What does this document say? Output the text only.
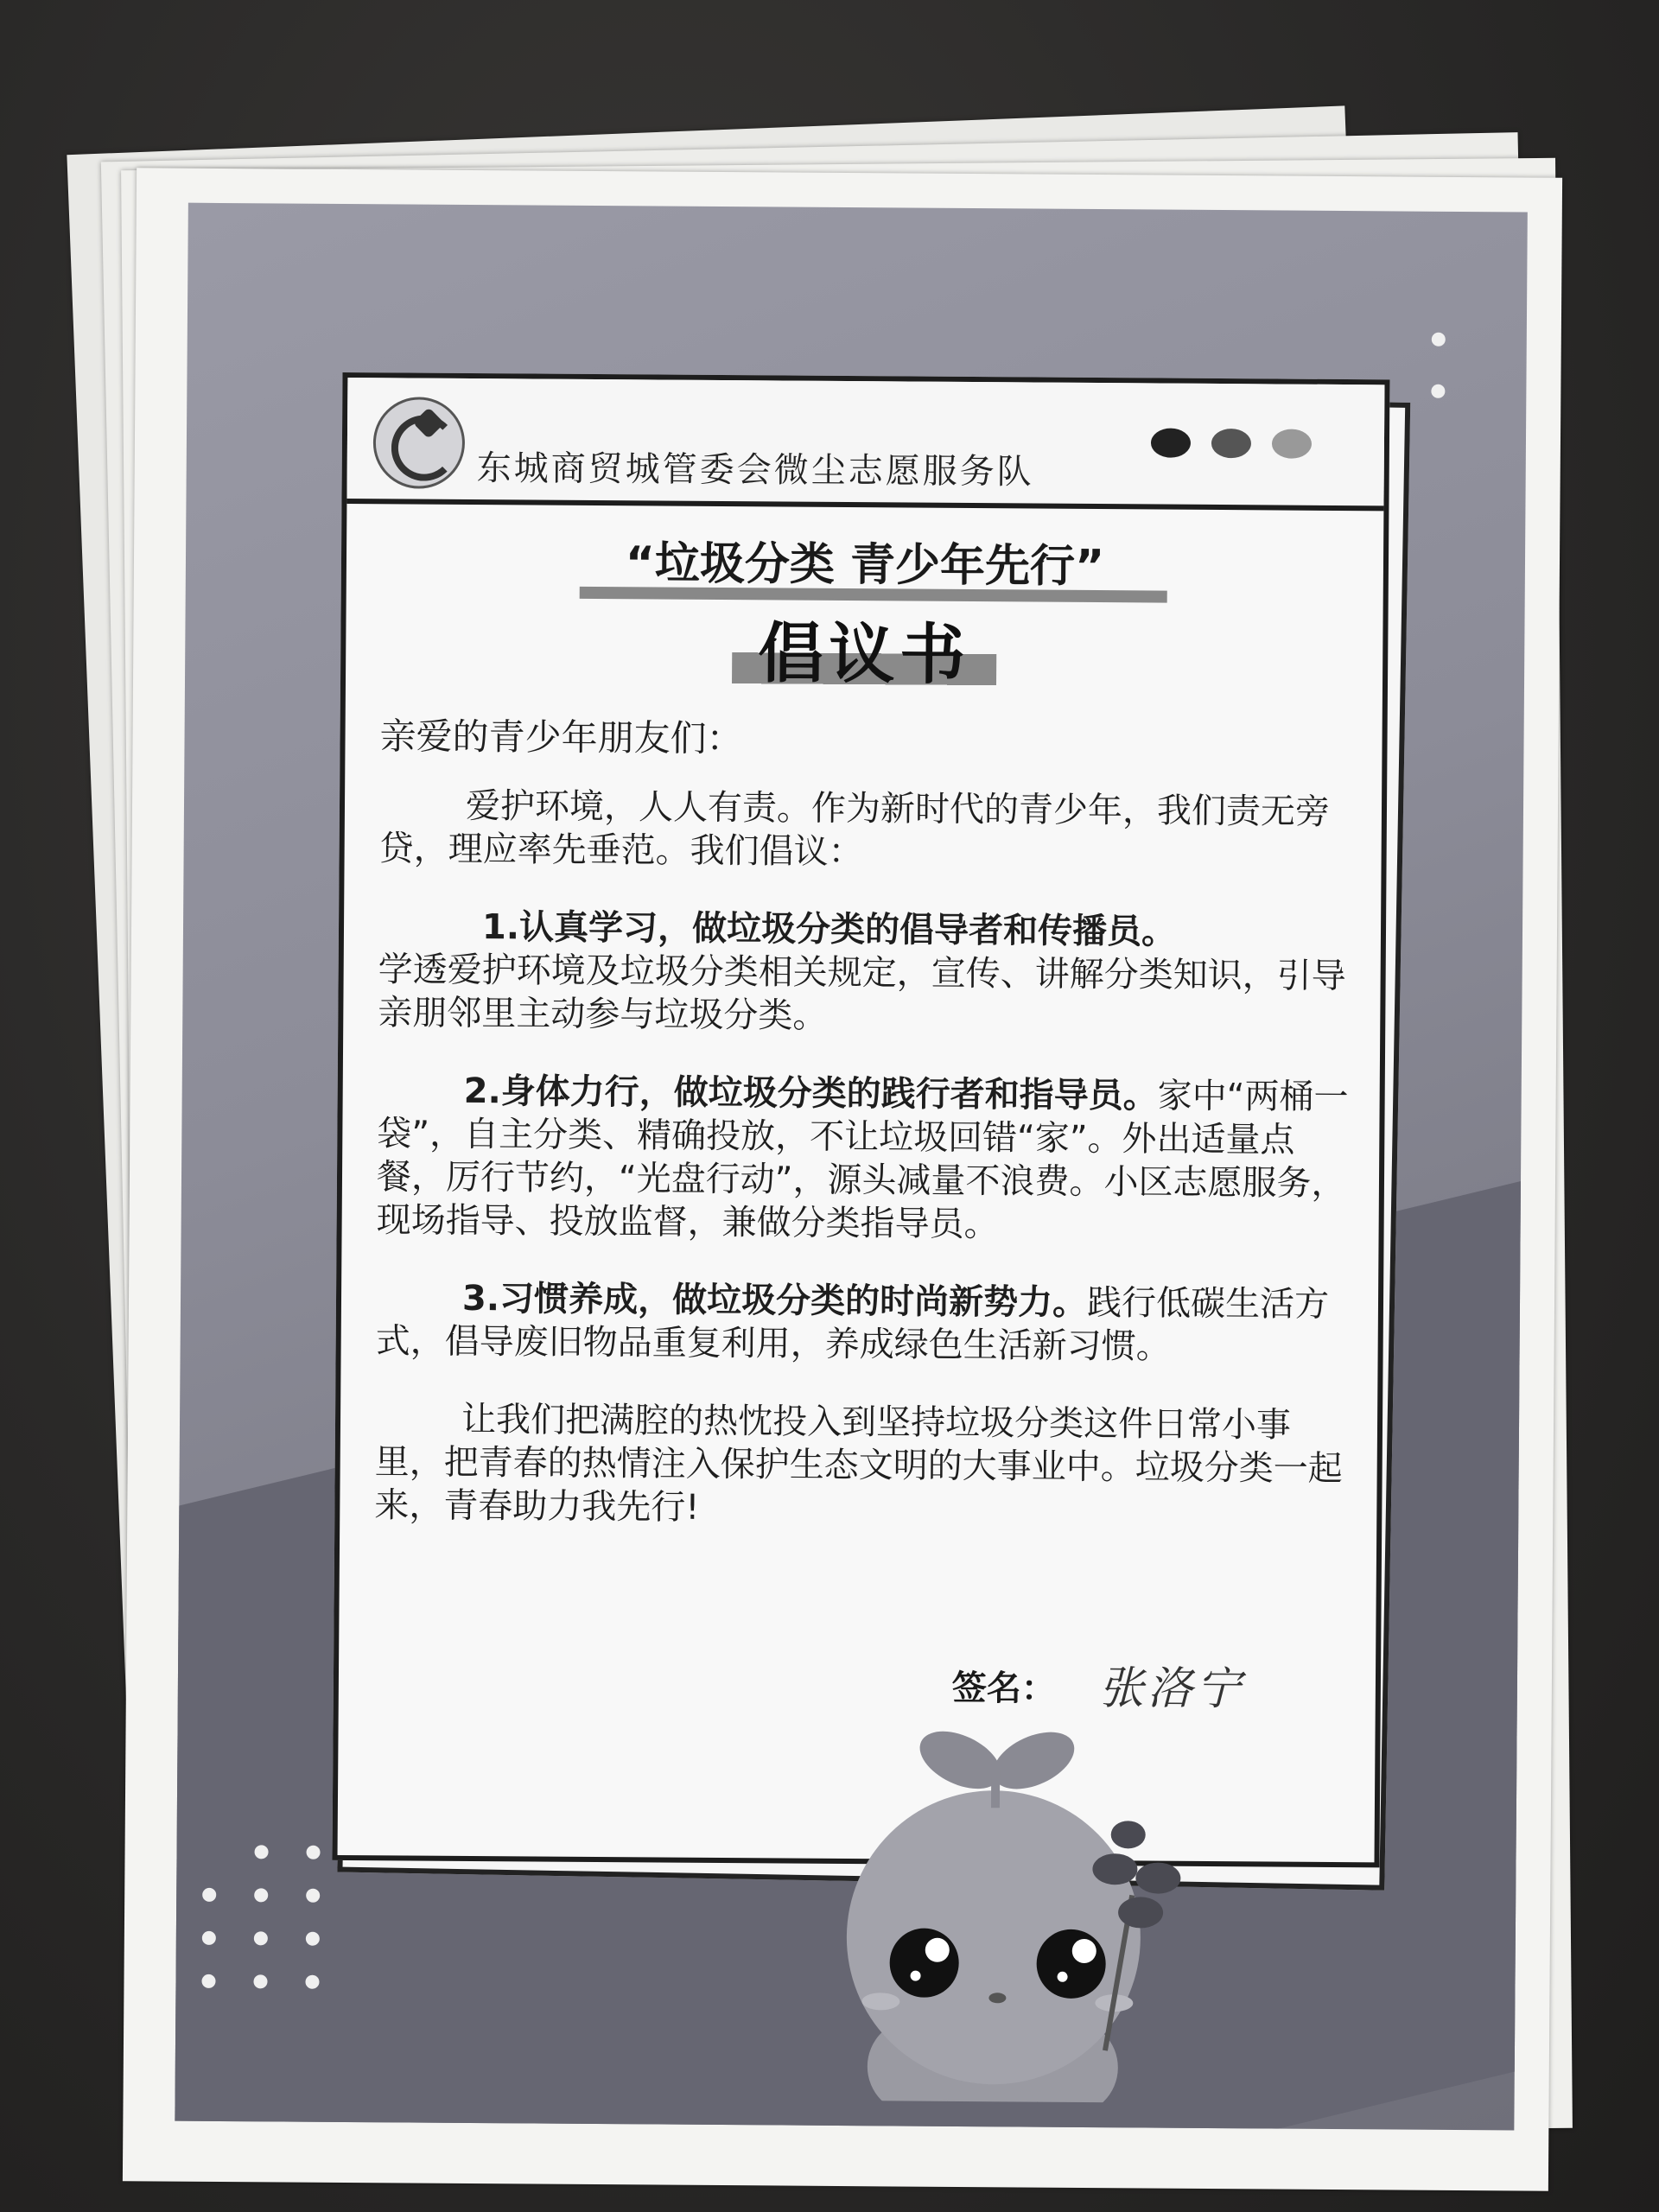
东城商贸城管委会微尘志愿服务队
“垃圾分类 青少年先行”
倡议书
亲爱的青少年朋友们：

爱护环境，人人有责。作为新时代的青少年，我们责无旁贷，理应率先垂范。我们倡议：

1.认真学习，做垃圾分类的倡导者和传播员。

学透爱护环境及垃圾分类相关规定，宣传、讲解分类知识，引导亲朋邻里主动参与垃圾分类。

2.身体力行，做垃圾分类的践行者和指导员。家中“两桶一袋”，自主分类、精确投放，不让垃圾回错“家”。外出适量点餐，厉行节约，“光盘行动”，源头减量不浪费。小区志愿服务，现场指导、投放监督，兼做分类指导员。

3.习惯养成，做垃圾分类的时尚新势力。践行低碳生活方式，倡导废旧物品重复利用，养成绿色生活新习惯。

让我们把满腔的热忱投入到坚持垃圾分类这件日常小事里，把青春的热情注入保护生态文明的大事业中。垃圾分类一起来，青春助力我先行!

签名： 张洛宁
